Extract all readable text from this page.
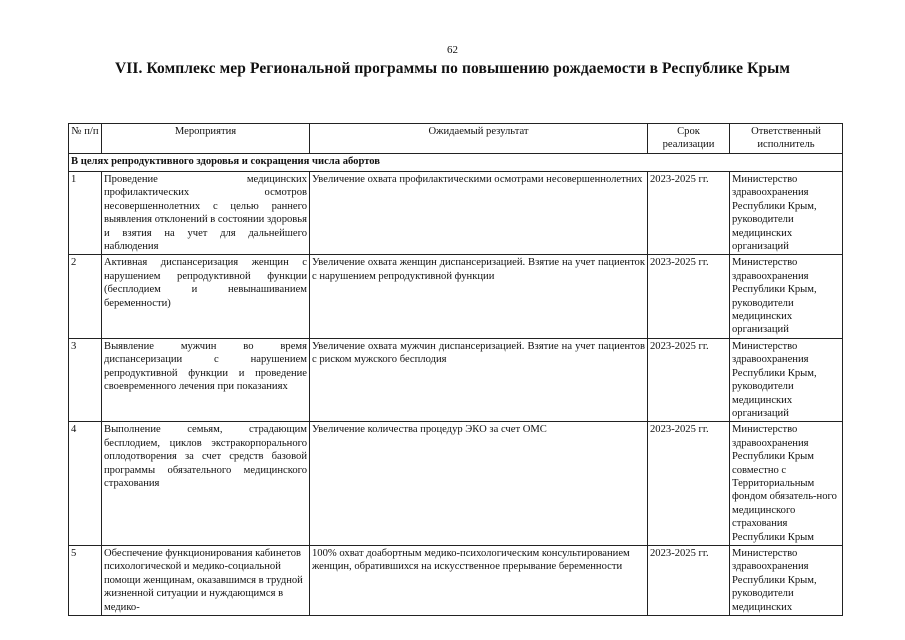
62
VII. Комплекс мер Региональной программы по повышению рождаемости в Республике Крым
№ п/п	Мероприятия	Ожидаемый результат	Срок реализации	Ответственный исполнитель
В целях репродуктивного здоровья и сокращения числа абортов				
1	Проведение медицинских профилактических осмотров несовершеннолетних с целью раннего выявления отклонений в состоянии здоровья и взятия на учет для дальнейшего наблюдения	Увеличение охвата профилактическими осмотрами несовершеннолетних	2023-2025 гг.	Министерство здравоохранения Республики Крым, руководители медицинских организаций
2	Активная диспансеризация женщин с нарушением репродуктивной функции (бесплодием и невынашиванием беременности)	Увеличение охвата женщин диспансеризацией. Взятие на учет пациенток с нарушением репродуктивной функции	2023-2025 гг.	Министерство здравоохранения Республики Крым, руководители медицинских организаций
3	Выявление мужчин во время диспансеризации с нарушением репродуктивной функции и проведение своевременного лечения при показаниях	Увеличение охвата мужчин диспансеризацией. Взятие на учет пациентов с риском мужского бесплодия	2023-2025 гг.	Министерство здравоохранения Республики Крым, руководители медицинских организаций
4	Выполнение семьям, страдающим бесплодием, циклов экстракорпорального оплодотворения за счет средств базовой программы обязательного медицинского страхования	Увеличение количества процедур ЭКО за счет ОМС	2023-2025 гг.	Министерство здравоохранения Республики Крым совместно с Территориальным фондом обязатель-ного медицинского страхования Республики Крым
5	Обеспечение функционирования кабинетов психологической и медико-социальной помощи женщинам, оказавшимся в трудной жизненной ситуации и нуждающимся в медико-	100% охват доабортным медико-психологическим консультированием женщин, обратившихся на искусственное прерывание беременности	2023-2025 гг.	Министерство здравоохранения Республики Крым, руководители медицинских
